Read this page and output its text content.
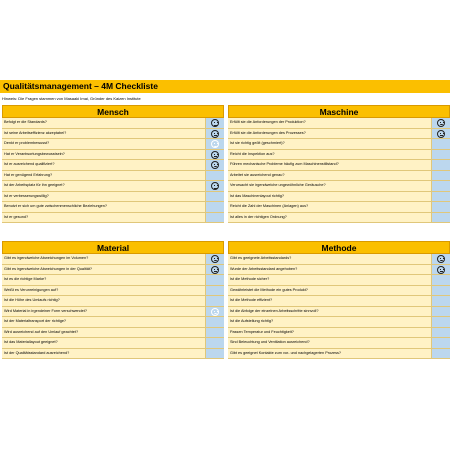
Qualitätsmanagement – 4M Checkliste
Hinweis: Die Fragen stammen von Masaaki Imai, Gründer des Kaizen Institute
Mensch
Befolgt er die Standards?
Ist seine Arbeitseffizienz akzeptabel?
Denkt er problembewusst?
Hat er Verantwortungsbewusstsein?
Ist er ausreichend qualifiziert?
Hat er genügend Erfahrung?
Ist der Arbeitsplatz für ihn geeignet?
Ist er verbesserungswillig?
Benutzt er sich um gute zwischenmenschliche Beziehungen?
Ist er gesund?
Maschine
Erfüllt sie die Anforderungen der Produktion?
Erfüllt sie die Anforderungen des Prozesses?
Ist sie richtig geölt (geschmiert)?
Reicht die Inspektion aus?
Führen mechanische Probleme häufig zum Maschinenstillstand?
Arbeitet sie ausreichend genau?
Verursacht sie irgendwelche ungewöhnliche Geräusche?
Ist das Maschinenlayout richtig?
Reicht die Zahl der Maschinen (Anlagen) aus?
Ist alles in der richtigen Ordnung?
Material
Gibt es irgendwelche Abweichungen im Volumen?
Gibt es irgendwelche Abweichungen in der Qualität?
Ist es die richtige Marke?
Weißt es Verunreinigungen auf?
Ist die Höhe des Umlaufs richtig?
Wird Material in irgendeiner Form verschwendet?
Ist der Materialtransport der richtige?
Wird ausreichend auf den Umlauf geachtet?
Ist das Materiallayout geeignet?
Ist der Qualitätsstandard ausreichend?
Methode
Gibt es geeignete Arbeitsstandards?
Wurde der Arbeitsstandard angehoben?
Ist die Methode sicher?
Gewährleistet die Methode ein gutes Produkt?
Ist die Methode effizient?
Ist die Abfolge der einzelnen Arbeitsschritte sinnvoll?
Ist die Aufstellung richtig?
Passen Temperatur und Feuchtigkeit?
Sind Beleuchtung und Ventilation ausreichend?
Gibt es geeignet Kontakte zum vor- und nachgelagerten Prozess?
